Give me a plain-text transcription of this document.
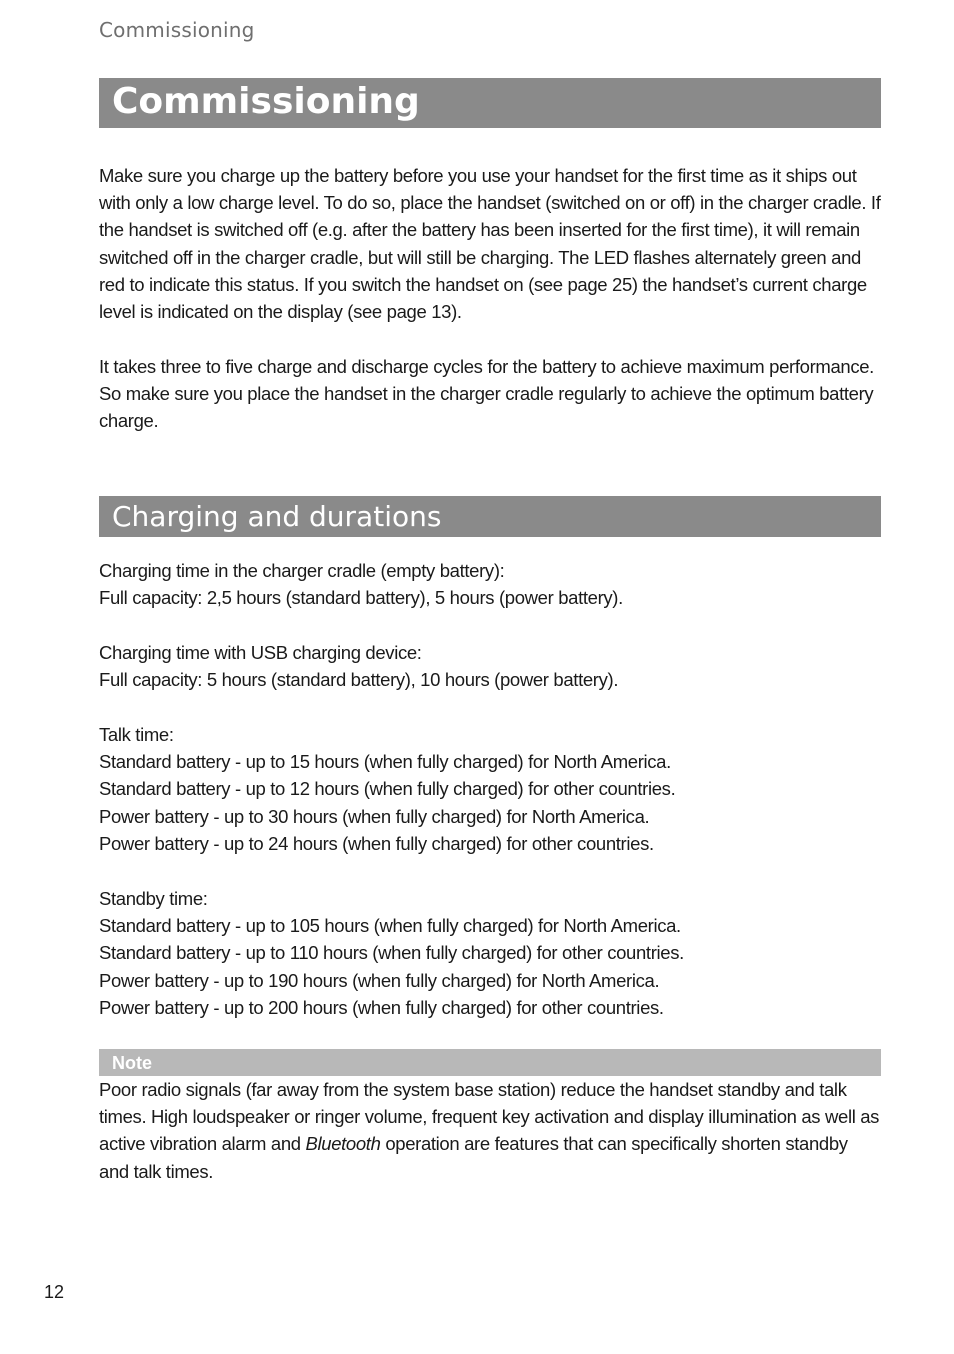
Commissioning
Commissioning
Make sure you charge up the battery before you use your handset for the first time as it ships out
with only a low charge level. To do so, place the handset (switched on or off) in the charger cradle. If
the handset is switched off (e.g. after the battery has been inserted for the first time), it will remain
switched off in the charger cradle, but will still be charging. The LED flashes alternately green and
red to indicate this status. If you switch the handset on (see page 25) the handset’s current charge
level is indicated on the display (see page 13).
It takes three to five charge and discharge cycles for the battery to achieve maximum performance.
So make sure you place the handset in the charger cradle regularly to achieve the optimum battery
charge.
Charging and durations
Charging time in the charger cradle (empty battery):
Full capacity: 2,5 hours (standard battery), 5 hours (power battery).
Charging time with USB charging device:
Full capacity: 5 hours (standard battery), 10 hours (power battery).
Talk time:
Standard battery - up to 15 hours (when fully charged) for North America.
Standard battery - up to 12 hours (when fully charged) for other countries.
Power battery - up to 30 hours (when fully charged) for North America.
Power battery - up to 24 hours (when fully charged) for other countries.
Standby time:
Standard battery - up to 105 hours (when fully charged) for North America.
Standard battery - up to 110 hours (when fully charged) for other countries.
Power battery - up to 190 hours (when fully charged) for North America.
Power battery - up to 200 hours (when fully charged) for other countries.
Note
Poor radio signals (far away from the system base station) reduce the handset standby and talk
times. High loudspeaker or ringer volume, frequent key activation and display illumination as well as
active vibration alarm and Bluetooth operation are features that can specifically shorten standby
and talk times.
12
